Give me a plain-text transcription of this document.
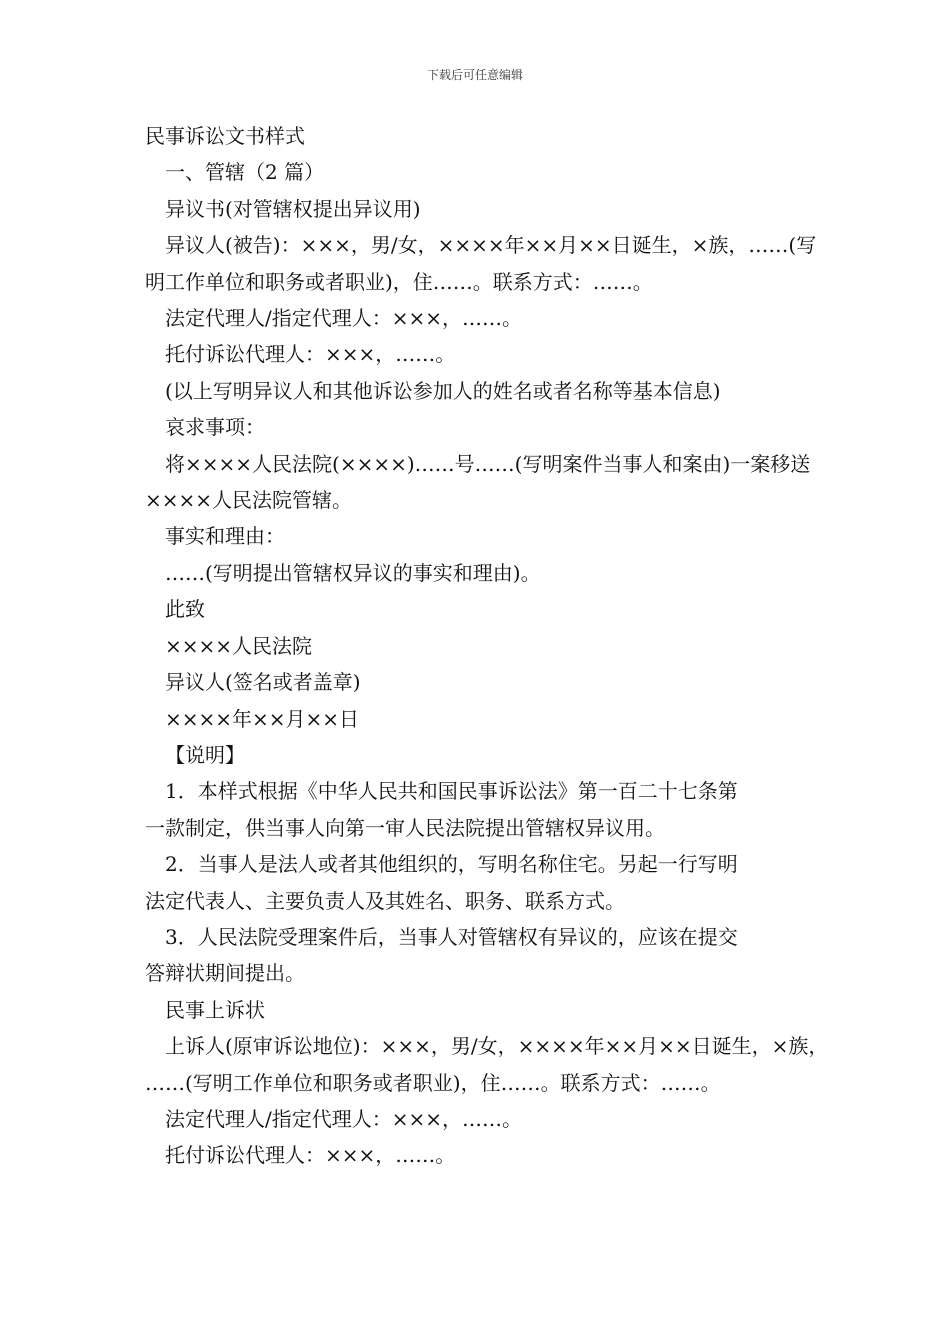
下载后可任意编辑

民事诉讼文书样式

一、管辖（2 篇）

异议书(对管辖权提出异议用)

异议人(被告)：×××，男/女，××××年××月××日诞生，×族，……(写

明工作单位和职务或者职业)，住……。联系方式：……。

法定代理人/指定代理人：×××，……。

托付诉讼代理人：×××，……。

(以上写明异议人和其他诉讼参加人的姓名或者名称等基本信息)

哀求事项：

将××××人民法院(××××)……号……(写明案件当事人和案由)一案移送

××××人民法院管辖。

事实和理由：

……(写明提出管辖权异议的事实和理由)。

此致

××××人民法院

异议人(签名或者盖章)

××××年××月××日

【说明】

1．本样式根据《中华人民共和国民事诉讼法》第一百二十七条第

一款制定，供当事人向第一审人民法院提出管辖权异议用。

2．当事人是法人或者其他组织的，写明名称住宅。另起一行写明

法定代表人、主要负责人及其姓名、职务、联系方式。

3．人民法院受理案件后，当事人对管辖权有异议的，应该在提交

答辩状期间提出。

民事上诉状

上诉人(原审诉讼地位)：×××，男/女，××××年××月××日诞生，×族，

……(写明工作单位和职务或者职业)，住……。联系方式：……。

法定代理人/指定代理人：×××，……。

托付诉讼代理人：×××，……。
